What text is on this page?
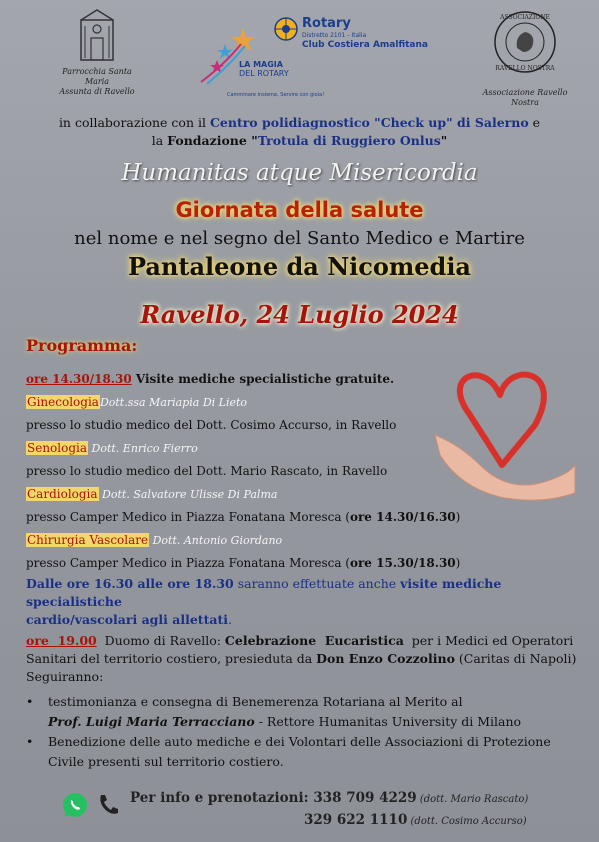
Parrocchia Santa Maria
Assunta di Ravello
Rotary
Distretto 2101 - Italia
Club Costiera Amalfitana
LA MAGIA
DEL ROTARY
Camminare insieme, Servire con gioia!
ASSOCIAZIONE
RAVELLO NOSTRA
Associazione Ravello Nostra
in collaborazione con il Centro polidiagnostico "Check up" di Salerno e
la Fondazione "Trotula di Ruggiero Onlus"
Humanitas atque Misericordia
Giornata della salute
nel nome e nel segno del Santo Medico e Martire
Pantaleone da Nicomedia
Ravello, 24 Luglio 2024
Programma:
ore 14.30/18.30 Visite mediche specialistiche gratuite.
GinecologiaDott.ssa Mariapia Di Lieto
presso lo studio medico del Dott. Cosimo Accurso, in Ravello
Senologia Dott. Enrico Fierro
presso lo studio medico del Dott. Mario Rascato, in Ravello
Cardiologia Dott. Salvatore Ulisse Di Palma
presso Camper Medico in Piazza Fonatana Moresca (ore 14.30/16.30)
Chirurgia Vascolare Dott. Antonio Giordano
presso Camper Medico in Piazza Fonatana Moresca (ore 15.30/18.30)
Dalle ore 16.30 alle ore 18.30 saranno effettuate anche visite mediche specialistiche
cardio/vascolari agli allettati.
ore  19.00  Duomo di Ravello: Celebrazione  Eucaristica  per i Medici ed Operatori
Sanitari del territorio costiero, presieduta da Don Enzo Cozzolino (Caritas di Napoli)
Seguiranno:
• testimonianza e consegna di Benemerenza Rotariana al Merito al
Prof. Luigi Maria Terracciano - Rettore Humanitas University di Milano
• Benedizione delle auto mediche e dei Volontari delle Associazioni di Protezione
Civile presenti sul territorio costiero.
Per info e prenotazioni: 338 709 4229 (dott. Mario Rascato)
329 622 1110 (dott. Cosimo Accurso)
